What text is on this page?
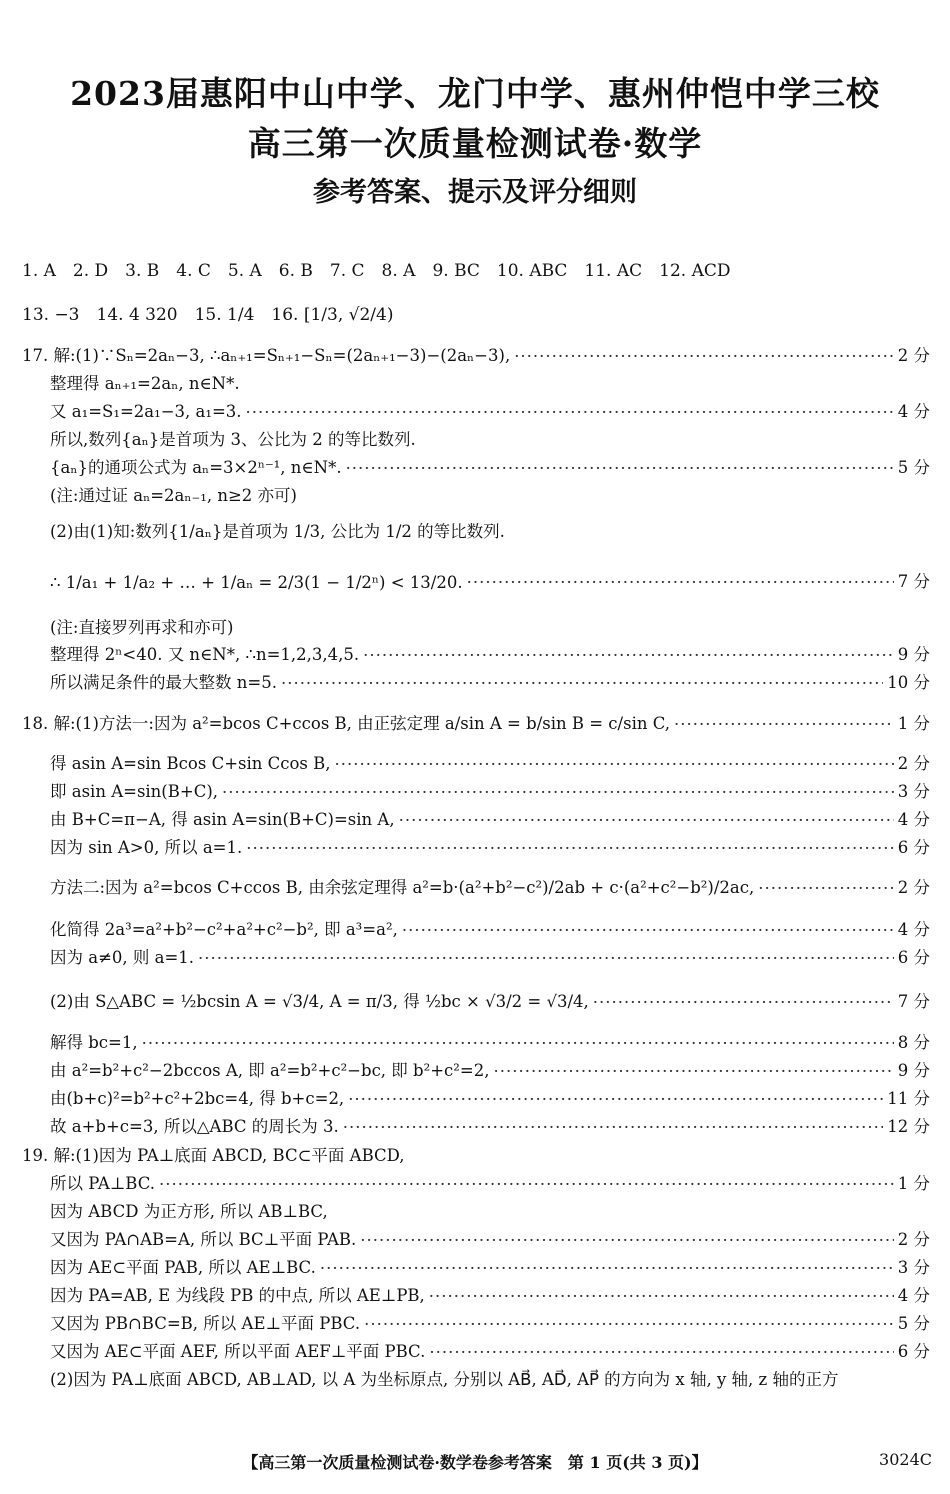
2023届惠阳中山中学、龙门中学、惠州仲恺中学三校
高三第一次质量检测试卷·数学
参考答案、提示及评分细则
1. A　2. D　3. B　4. C　5. A　6. B　7. C　8. A　9. BC　10. ABC　11. AC　12. ACD
13. −3　14. 4 320　15. 1/4　16. [1/3, √2/4)
17. 解:(1)∵Sₙ=2aₙ−3, ∴aₙ₊₁=Sₙ₊₁−Sₙ=(2aₙ₊₁−3)−(2aₙ−3), ·····	2 分
整理得 aₙ₊₁=2aₙ, n∈N*.
又 a₁=S₁=2a₁−3, a₁=3. ·····	4 分
所以,数列{aₙ}是首项为 3、公比为 2 的等比数列.
{aₙ}的通项公式为 aₙ=3×2ⁿ⁻¹, n∈N*. ·····	5 分
(注:通过证 aₙ=2aₙ₋₁, n≥2 亦可)
(2)由(1)知:数列{1/aₙ}是首项为 1/3, 公比为 1/2 的等比数列.
∴ 1/a₁ + 1/a₂ + … + 1/aₙ = 2/3(1 − 1/2ⁿ) < 13/20. ·····	7 分
(注:直接罗列再求和亦可)
整理得 2ⁿ<40. 又 n∈N*, ∴n=1,2,3,4,5. ·····	9 分
所以满足条件的最大整数 n=5. ·····	10 分
18. 解:(1)方法一:因为 a²=bcos C+ccos B, 由正弦定理 a/sin A = b/sin B = c/sin C, ·····	1 分
得 asin A=sin Bcos C+sin Ccos B, ·····	2 分
即 asin A=sin(B+C), ·····	3 分
由 B+C=π−A, 得 asin A=sin(B+C)=sin A, ·····	4 分
因为 sin A>0, 所以 a=1. ·····	6 分
方法二:因为 a²=bcos C+ccos B, 由余弦定理得 a²=b·(a²+b²−c²)/2ab + c·(a²+c²−b²)/2ac, ·····	2 分
化简得 2a³=a²+b²−c²+a²+c²−b², 即 a³=a², ·····	4 分
因为 a≠0, 则 a=1. ·····	6 分
(2)由 S△ABC = ½bcsin A = √3/4, A = π/3, 得 ½bc × √3/2 = √3/4, ·····	7 分
解得 bc=1, ·····	8 分
由 a²=b²+c²−2bccos A, 即 a²=b²+c²−bc, 即 b²+c²=2, ·····	9 分
由(b+c)²=b²+c²+2bc=4, 得 b+c=2, ·····	11 分
故 a+b+c=3, 所以△ABC 的周长为 3. ·····	12 分
19. 解:(1)因为 PA⊥底面 ABCD, BC⊂平面 ABCD,
所以 PA⊥BC. ·····	1 分
因为 ABCD 为正方形, 所以 AB⊥BC,
又因为 PA∩AB=A, 所以 BC⊥平面 PAB. ·····	2 分
因为 AE⊂平面 PAB, 所以 AE⊥BC. ·····	3 分
因为 PA=AB, E 为线段 PB 的中点, 所以 AE⊥PB, ·····	4 分
又因为 PB∩BC=B, 所以 AE⊥平面 PBC. ·····	5 分
又因为 AE⊂平面 AEF, 所以平面 AEF⊥平面 PBC. ·····	6 分
(2)因为 PA⊥底面 ABCD, AB⊥AD, 以 A 为坐标原点, 分别以 AB⃗, AD⃗, AP⃗ 的方向为 x 轴, y 轴, z 轴的正方
【高三第一次质量检测试卷·数学卷参考答案　第 1 页(共 3 页)】	3024C
